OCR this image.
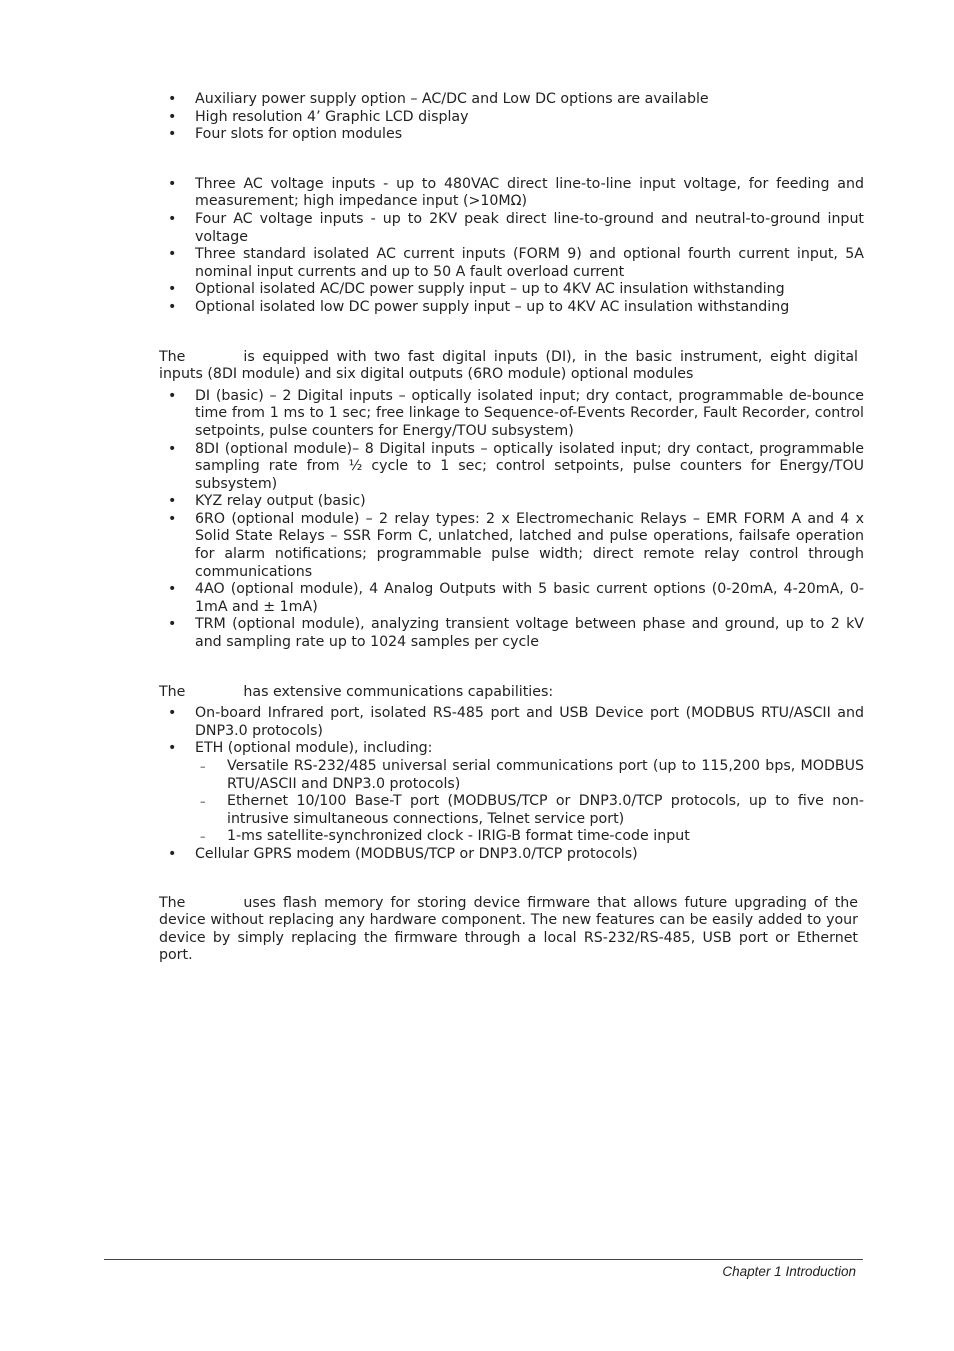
• Auxiliary power supply option – AC/DC and Low DC options are available
• High resolution 4’ Graphic LCD display
• Four slots for option modules
• Three AC voltage inputs - up to 480VAC direct line-to-line input voltage, for feeding and measurement; high impedance input (>10MΩ)
• Four AC voltage inputs - up to 2KV peak direct line-to-ground and neutral-to-ground input voltage
• Three standard isolated AC current inputs (FORM 9) and optional fourth current input, 5A nominal input currents and up to 50 A fault overload current
• Optional isolated AC/DC power supply input – up to 4KV AC insulation withstanding
• Optional isolated low DC power supply input – up to 4KV AC insulation withstanding

The	is equipped with two fast digital inputs (DI), in the basic instrument, eight digital inputs (8DI module) and six digital outputs (6RO module) optional modules

• DI (basic) – 2 Digital inputs – optically isolated input; dry contact, programmable de-bounce time from 1 ms to 1 sec; free linkage to Sequence-of-Events Recorder, Fault Recorder, control setpoints, pulse counters for Energy/TOU subsystem)
• 8DI (optional module)– 8 Digital inputs – optically isolated input; dry contact, programmable sampling rate from ½ cycle to 1 sec; control setpoints, pulse counters for Energy/TOU subsystem)
• KYZ relay output (basic)
• 6RO (optional module) – 2 relay types: 2 x Electromechanic Relays – EMR FORM A and 4 x Solid State Relays – SSR Form C, unlatched, latched and pulse operations, failsafe operation for alarm notifications; programmable pulse width; direct remote relay control through communications
• 4AO (optional module), 4 Analog Outputs with 5 basic current options (0-20mA, 4-20mA, 0-1mA and ± 1mA)
• TRM (optional module), analyzing transient voltage between phase and ground, up to 2 kV and sampling rate up to 1024 samples per cycle

The	has extensive communications capabilities:

• On-board Infrared port, isolated RS-485 port and USB Device port (MODBUS RTU/ASCII and DNP3.0 protocols)
• ETH (optional module), including:
– Versatile RS-232/485 universal serial communications port (up to 115,200 bps, MODBUS RTU/ASCII and DNP3.0 protocols)
– Ethernet 10/100 Base-T port (MODBUS/TCP or DNP3.0/TCP protocols, up to five non-intrusive simultaneous connections, Telnet service port)
– 1-ms satellite-synchronized clock - IRIG-B format time-code input
• Cellular GPRS modem (MODBUS/TCP or DNP3.0/TCP protocols)

The	uses flash memory for storing device firmware that allows future upgrading of the device without replacing any hardware component. The new features can be easily added to your device by simply replacing the firmware through a local RS-232/RS-485, USB port or Ethernet port.

Chapter 1 Introduction
